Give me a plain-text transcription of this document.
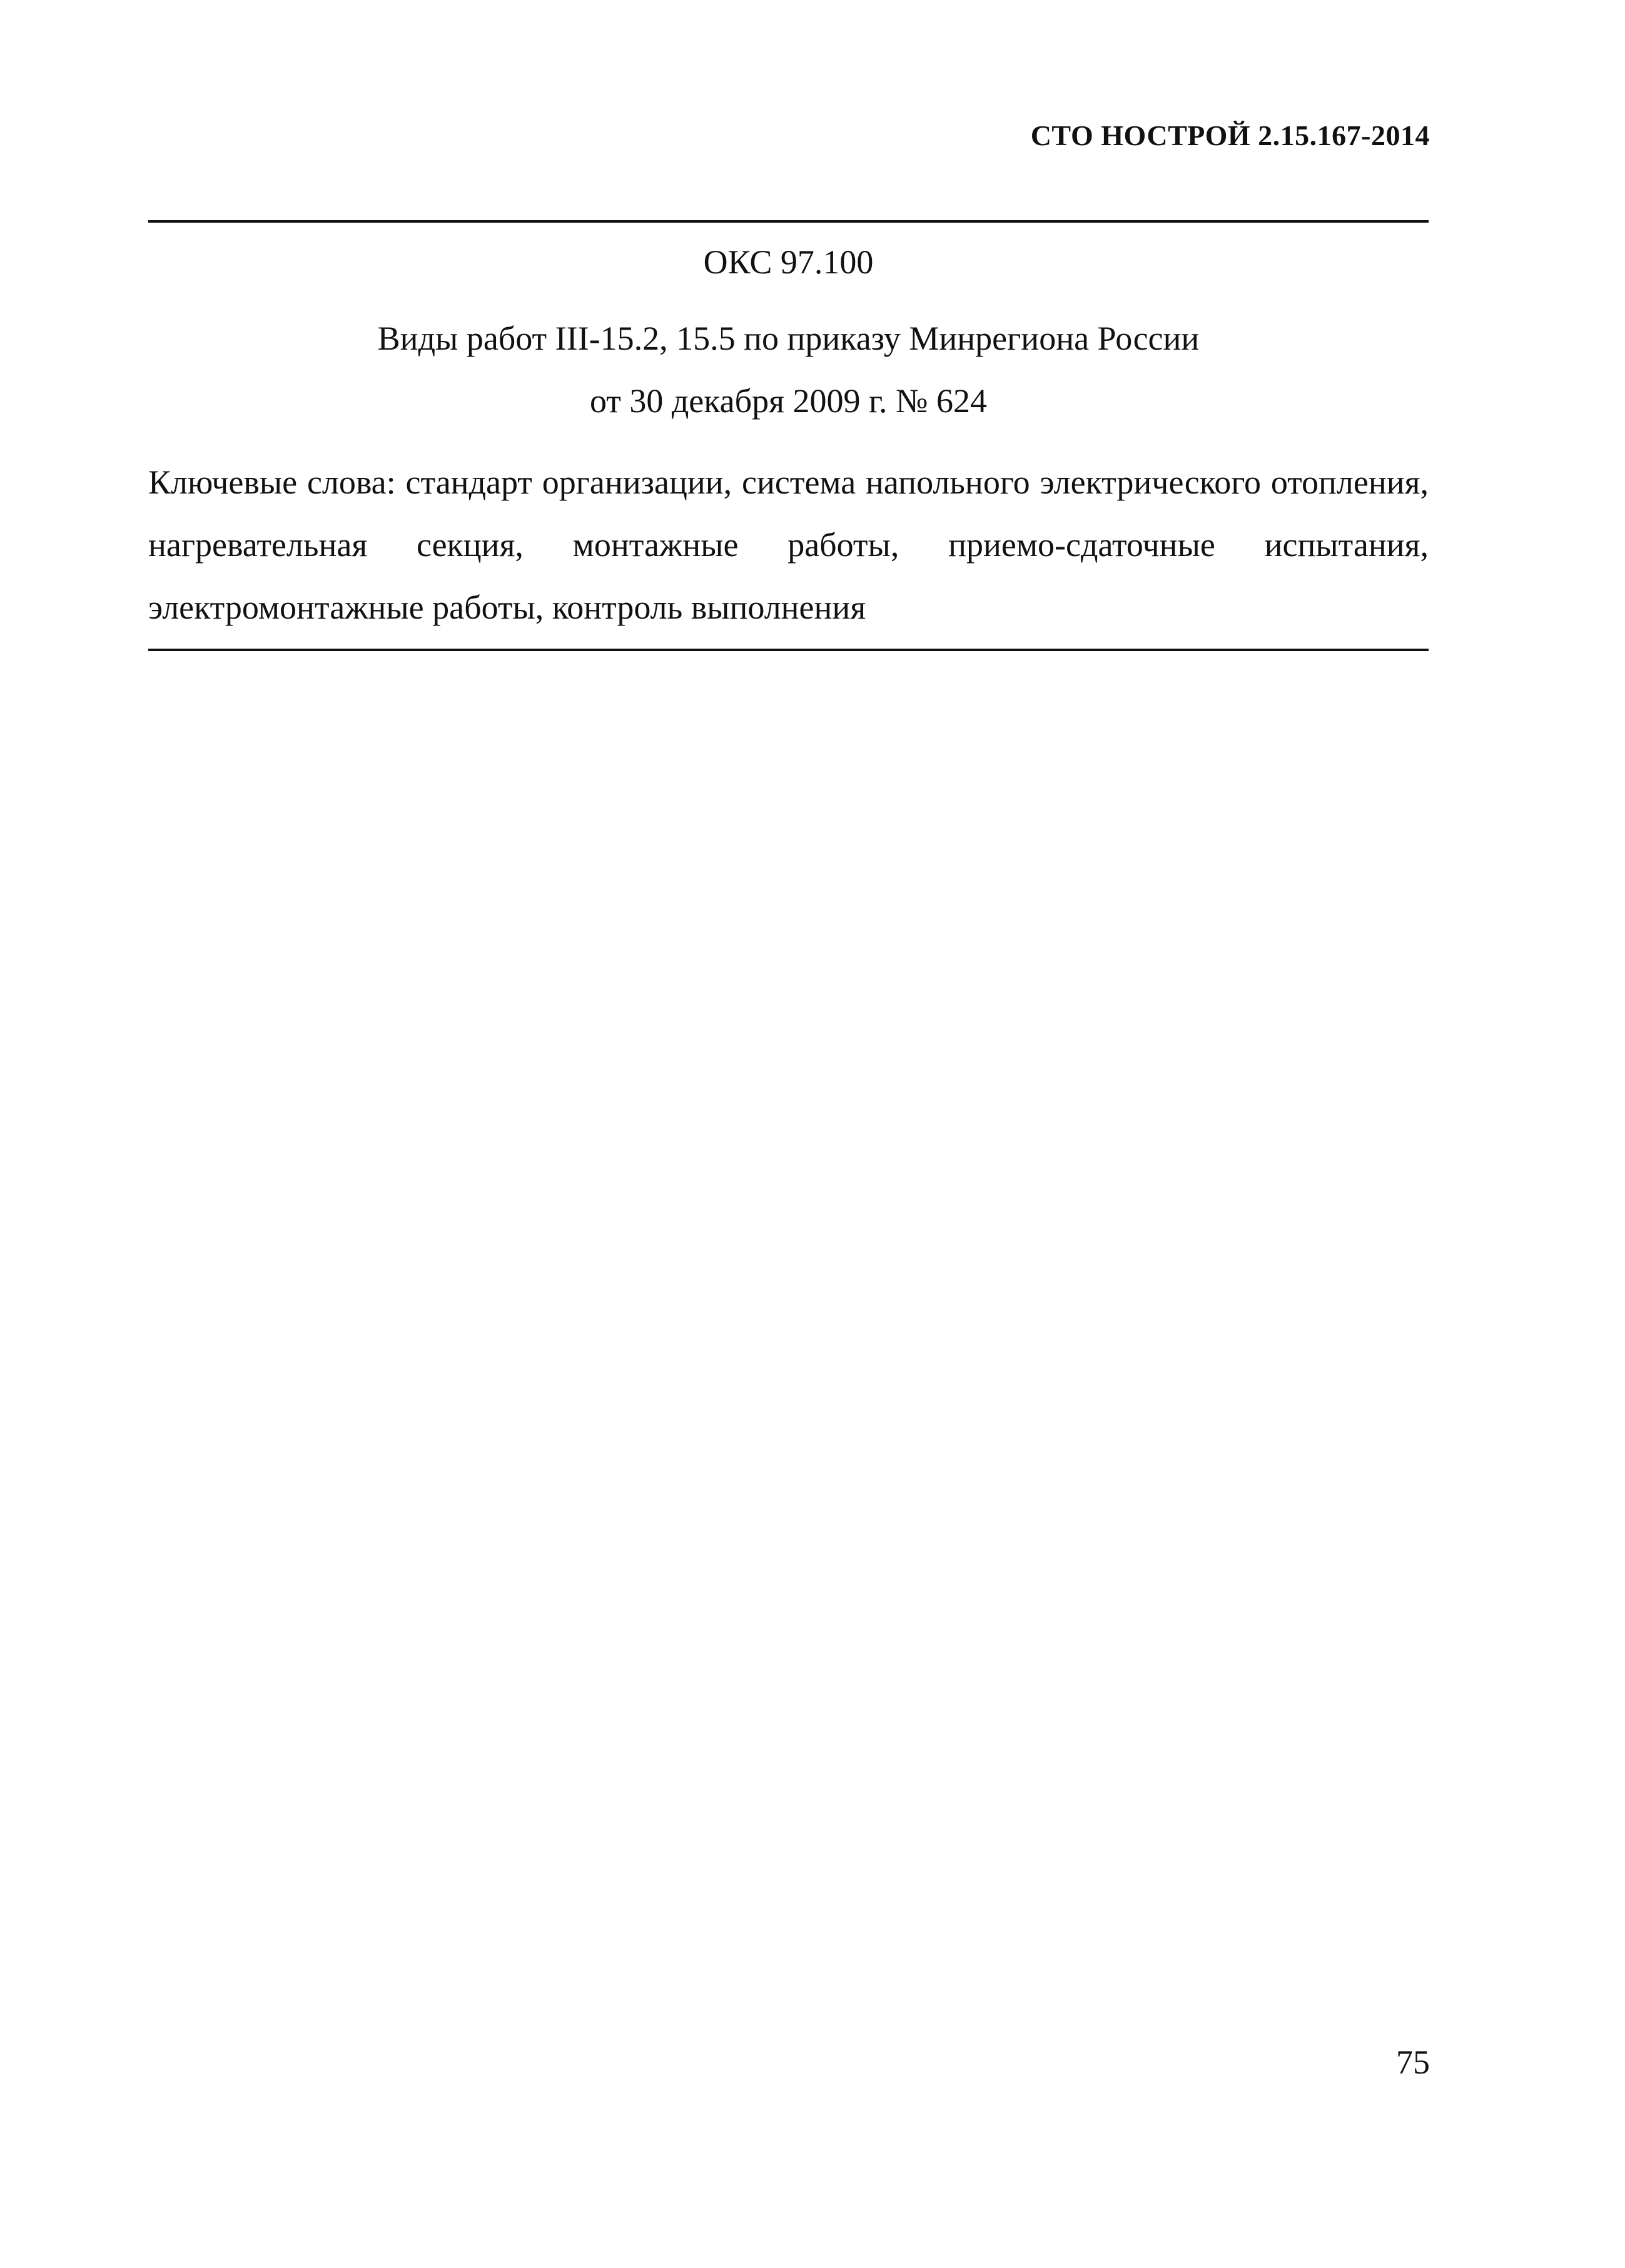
СТО НОСТРОЙ 2.15.167-2014
ОКС 97.100
Виды работ III-15.2, 15.5 по приказу Минрегиона России
от 30 декабря 2009 г. № 624

Ключевые слова: стандарт организации, система напольного электрического отопления, нагревательная секция, монтажные работы, приемо-сдаточные испытания, электромонтажные работы, контроль выполнения

75
